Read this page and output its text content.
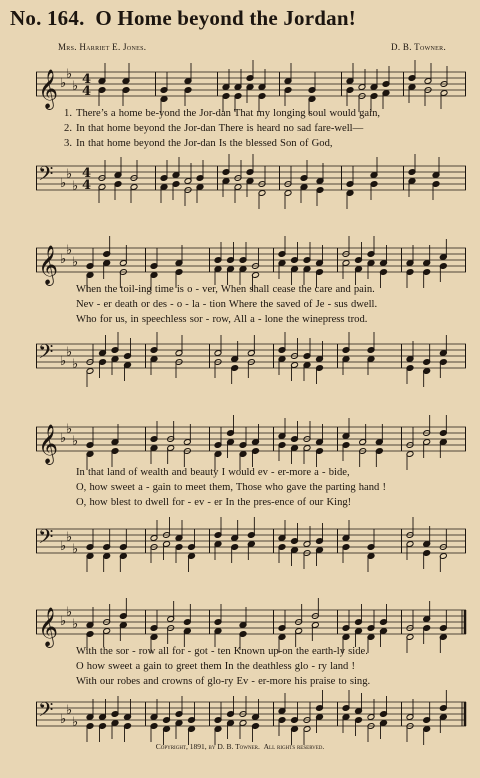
No. 164. O Home beyond the Jordan!
Mrs. Harriet E. Jones.	D. B. Towner.
𝄞 ♭
♭
♭ 4
4
1. There’s a home be-yond the Jor-dan That my longing soul would gain,
2. In that home beyond the Jor-dan There is heard no sad fare-well—
3. In that home beyond the Jor-dan Is the blessed Son of God,
𝄢 ♭
♭
♭
4
4
𝄞 ♭
♭
♭
When the toil-ing time is o - ver, When shall cease the care and pain.
Nev - er death or des - o - la - tion Where the saved of Je - sus dwell.
Who for us, in speechless sor - row, All a - lone the winepress trod.
𝄢 ♭
♭
♭
𝄞 ♭
♭
♭
In that land of wealth and beauty I would ev - er-more a - bide,
O, how sweet a - gain to meet them, Those who gave the parting hand !
O, how blest to dwell for - ev - er In the pres-ence of our King!
𝄢 ♭
♭
♭
𝄞 ♭
♭
♭
With the sor - row all for - got - ten Known up-on the earth-ly side.
O how sweet a gain to greet them In the deathless glo - ry land !
With our robes and crowns of glo-ry Ev - er-more his praise to sing.
𝄢 ♭
♭
♭
Copyright, 1891, by D. B. Towner. All rights reserved.
